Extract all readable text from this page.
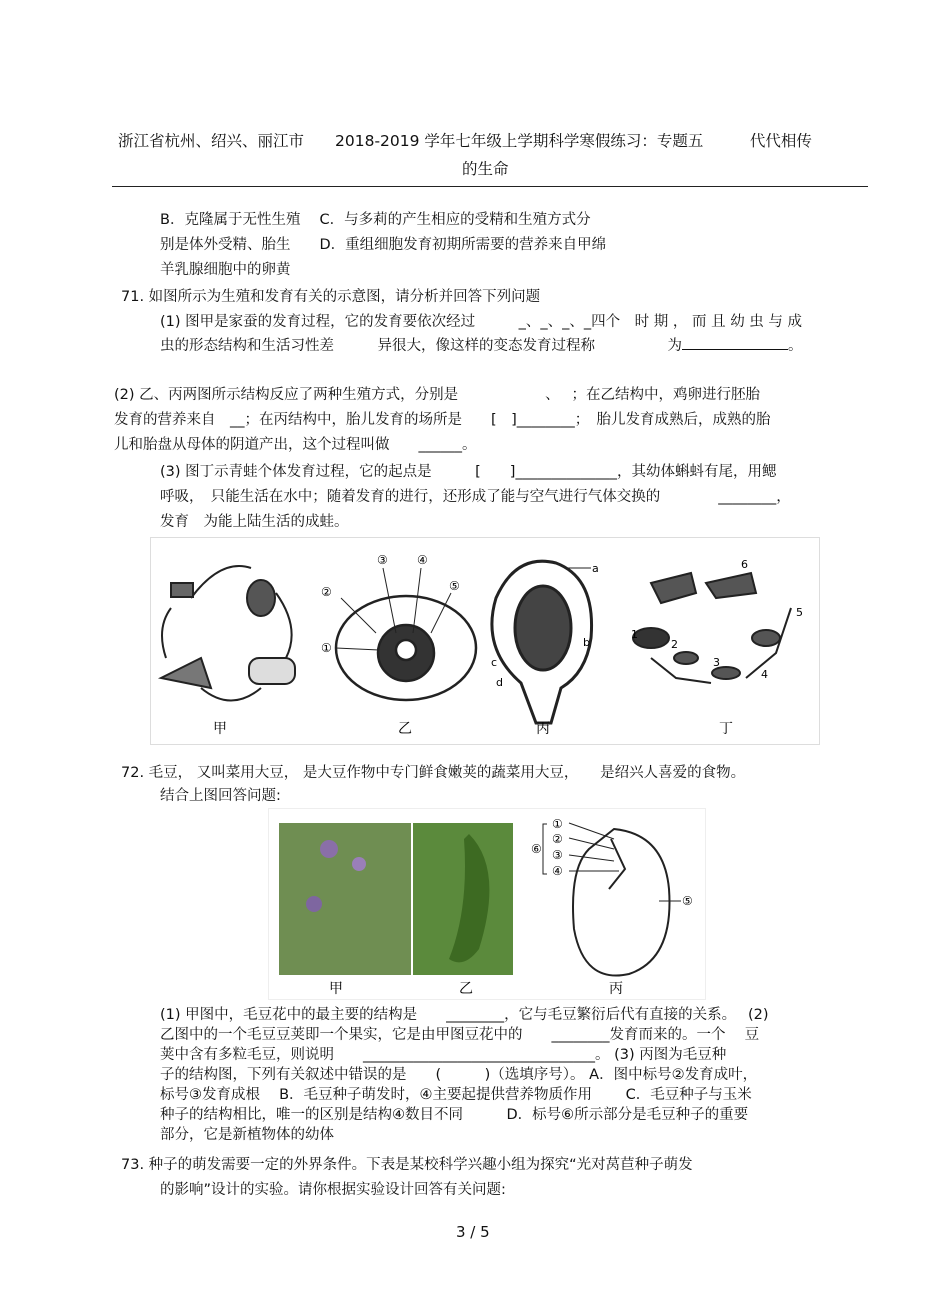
浙江省杭州、绍兴、丽江市　　2018-2019 学年七年级上学期科学寒假练习：专题五　　　代代相传
的生命
B．克隆属于无性生殖　 C．与多莉的产生相应的受精和生殖方式分
别是体外受精、胎生　　D．重组细胞发育初期所需要的营养来自甲绵
羊乳腺细胞中的卵黄
71. 如图所示为生殖和发育有关的示意图，请分析并回答下列问题
(1) 图甲是家蚕的发育过程，它的发育要依次经过　　　_、_、_、_四个　时 期 ， 而 且 幼 虫 与 成
虫的形态结构和生活习性差　　　异很大，像这样的变态发育过程称　　　　　为	。
(2) 乙、丙两图所示结构反应了两种生殖方式，分别是　　　　　　、　 ；在乙结构中，鸡卵进行胚胎
发育的营养来自　__；在丙结构中，胎儿发育的场所是　　[　]________；　胎儿发育成熟后，成熟的胎
儿和胎盘从母体的阴道产出，这个过程叫做　　______。
(3) 图丁示青蛙个体发育过程，它的起点是　　　[　　]______________，其幼体蝌蚪有尾，用鳃
呼吸，　只能生活在水中；随着发育的进行，还形成了能与空气进行气体交换的　　　　________，
发育　为能上陆生活的成蛙。
②
③ ④
⑤
①
a
b
c
d
1
2
3
4
5
6
甲	乙	丙	丁
72. 毛豆， 又叫菜用大豆， 是大豆作物中专门鲜食嫩荚的蔬菜用大豆，　　是绍兴人喜爱的食物。
结合上图回答问题:
①
②
③
④
⑥
⑤
甲	乙	丙
(1) 甲图中，毛豆花中的最主要的结构是　　________，它与毛豆繁衍后代有直接的关系。　 (2)
乙图中的一个毛豆豆荚即一个果实，它是由甲图豆花中的　　________发育而来的。一个　 豆
荚中含有多粒毛豆，则说明　　________________________________。 (3) 丙图为毛豆种
子的结构图，下列有关叙述中错误的是　　(　　　)（选填序号）。 A．图中标号②发育成叶，
标号③发育成根　 B．毛豆种子萌发时，④主要起提供营养物质作用　　 C．毛豆种子与玉米
种子的结构相比，唯一的区别是结构④数目不同　　　D．标号⑥所示部分是毛豆种子的重要
部分，它是新植物体的幼体
73. 种子的萌发需要一定的外界条件。下表是某校科学兴趣小组为探究“光对莴苣种子萌发
的影响”设计的实验。请你根据实验设计回答有关问题:
3 / 5
